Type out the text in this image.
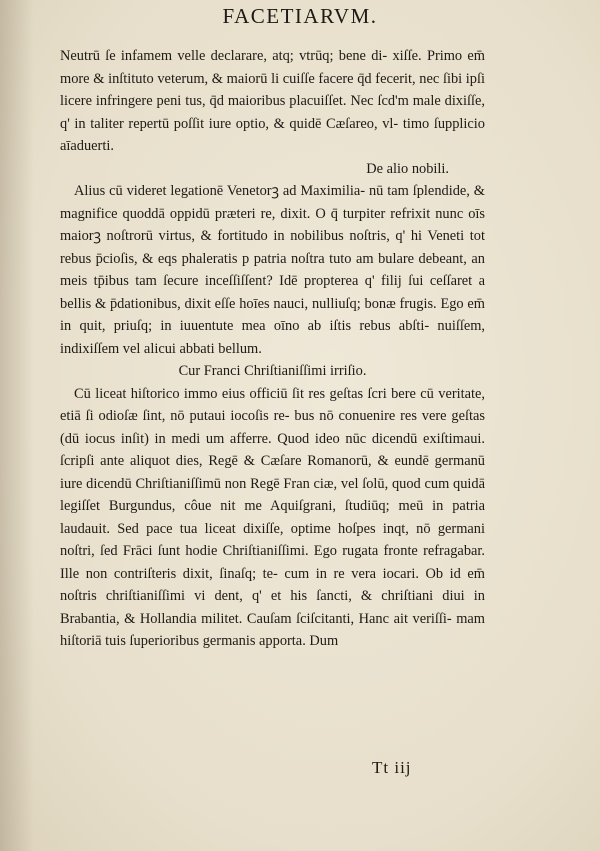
FACETIARVM.

Neutrū ſe infamem velle declarare, atq; vtrūq; bene di- xiſſe. Primo em̄ more & inſtituto veterum, & maiorū li cuiſſe facere q̄d fecerit, nec ſibi ipſi licere infringere peni tus, q̄d maioribus placuiſſet. Nec ſcd'm male dixiſſe, q' in taliter repertū poſſit iure optio, & quidē Cæſareo, vl- timo ſupplicio aīaduerti.

De alio nobili.

Alius cū videret legationē Venetorꝫ ad Maximilia- nū tam ſplendide, & magnifice quoddā oppidū præteri re, dixit. O q̄ turpiter refrixit nunc oīs maiorꝫ noſtrorū virtus, & fortitudo in nobilibus noſtris, q' hi Veneti tot rebus p̄cioſis, & eqs phaleratis p patria noſtra tuto am bulare debeant, an meis tp̄ibus tam ſecure inceſſiſſent? Idē propterea q' filij ſui ceſſaret a bellis & p̄dationibus, dixit eſſe hoīes nauci, nulliuſq; bonæ frugis. Ego em̄ in quit, priuſq; in iuuentute mea oīno ab iſtis rebus abſti- nuiſſem, indixiſſem vel alicui abbati bellum.

Cur Franci Chriſtianiſſimi irriſio.

Cū liceat hiſtorico immo eius officiū ſit res geſtas ſcri bere cū veritate, etiā ſi odioſæ ſint, nō putaui iocoſis re- bus nō conuenire res vere geſtas (dū iocus inſit) in medi um afferre. Quod ideo nūc dicendū exiſtimaui. ſcripſi ante aliquot dies, Regē & Cæſare Romanorū, & eundē germanū iure dicendū Chriſtianiſſimū non Regē Fran ciæ, vel ſolū, quod cum quidā legiſſet Burgundus, côue nit me Aquiſgrani, ſtudiūq; meū in patria laudauit. Sed pace tua liceat dixiſſe, optime hoſpes inqt, nō germani noſtri, ſed Frāci ſunt hodie Chriſtianiſſimi. Ego rugata fronte refragabar. Ille non contriſteris dixit, ſinaſq; te- cum in re vera iocari. Ob id em̄ noſtris chriſtianiſſimi vi dent, q' et his ſancti, & chriſtiani diui in Brabantia, & Hollandia militet. Cauſam ſciſcitanti, Hanc ait veriſſi- mam hiſtoriā tuis ſuperioribus germanis apporta. Dum

Tt iij
